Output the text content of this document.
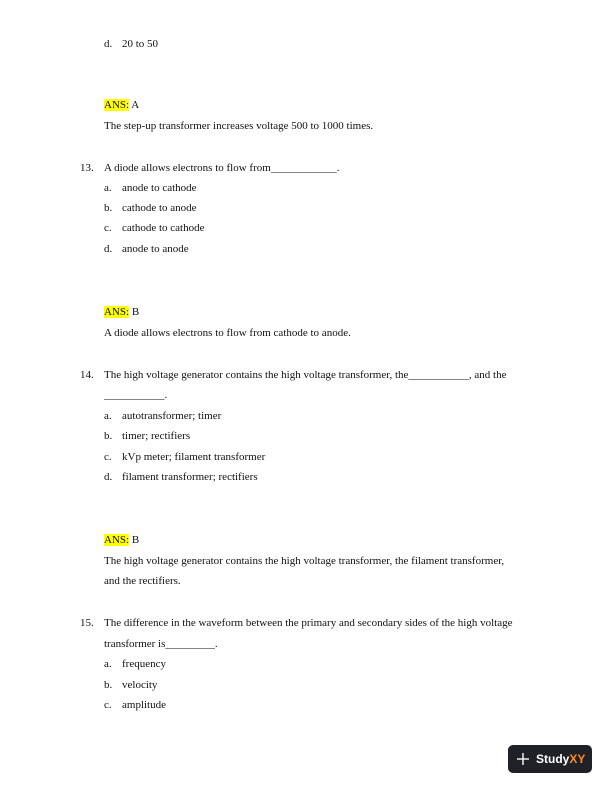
d. 20 to 50
ANS: A
The step-up transformer increases voltage 500 to 1000 times.
13. A diode allows electrons to flow from____________.
a. anode to cathode
b. cathode to anode
c. cathode to cathode
d. anode to anode
ANS: B
A diode allows electrons to flow from cathode to anode.
14. The high voltage generator contains the high voltage transformer, the___________, and the
___________.
a. autotransformer; timer
b. timer; rectifiers
c. kVp meter; filament transformer
d. filament transformer; rectifiers
ANS: B
The high voltage generator contains the high voltage transformer, the filament transformer,
and the rectifiers.
15. The difference in the waveform between the primary and secondary sides of the high voltage
transformer is_________.
a. frequency
b. velocity
c. amplitude
Study XY
